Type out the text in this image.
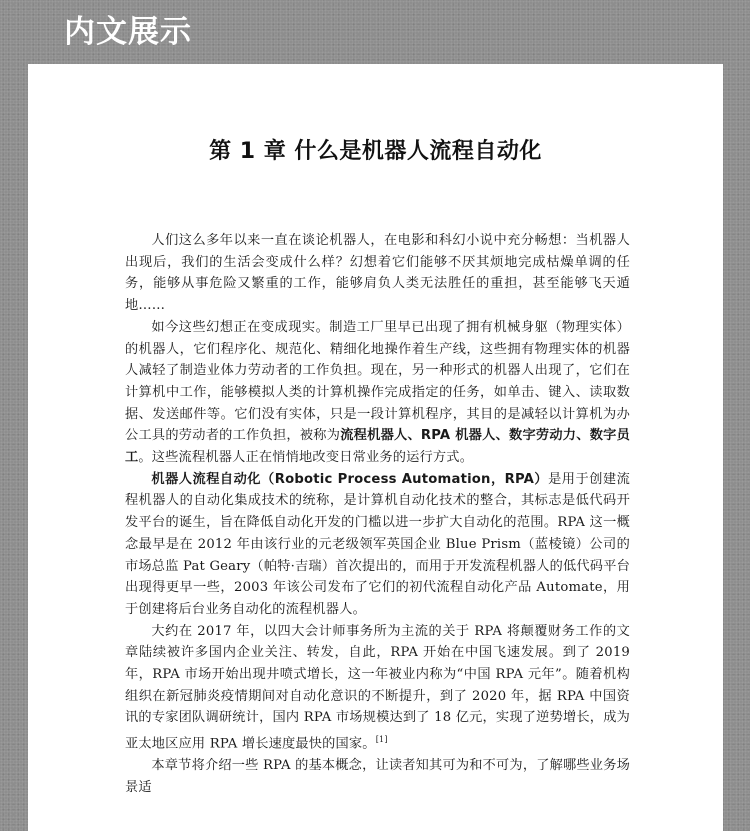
内文展示
第 1 章 什么是机器人流程自动化

人们这么多年以来一直在谈论机器人，在电影和科幻小说中充分畅想：当机器人出现后，我们的生活会变成什么样？幻想着它们能够不厌其烦地完成枯燥单调的任务，能够从事危险又繁重的工作，能够肩负人类无法胜任的重担，甚至能够飞天遁地……

如今这些幻想正在变成现实。制造工厂里早已出现了拥有机械身躯（物理实体）的机器人，它们程序化、规范化、精细化地操作着生产线，这些拥有物理实体的机器人减轻了制造业体力劳动者的工作负担。现在，另一种形式的机器人出现了，它们在计算机中工作，能够模拟人类的计算机操作完成指定的任务，如单击、键入、读取数据、发送邮件等。它们没有实体，只是一段计算机程序，其目的是减轻以计算机为办公工具的劳动者的工作负担，被称为流程机器人、RPA 机器人、数字劳动力、数字员工。这些流程机器人正在悄悄地改变日常业务的运行方式。

机器人流程自动化（Robotic Process Automation，RPA）是用于创建流程机器人的自动化集成技术的统称，是计算机自动化技术的整合，其标志是低代码开发平台的诞生，旨在降低自动化开发的门槛以进一步扩大自动化的范围。RPA 这一概念最早是在 2012 年由该行业的元老级领军英国企业 Blue Prism（蓝棱镜）公司的市场总监 Pat Geary（帕特·吉瑞）首次提出的，而用于开发流程机器人的低代码平台出现得更早一些，2003 年该公司发布了它们的初代流程自动化产品 Automate，用于创建将后台业务自动化的流程机器人。

大约在 2017 年，以四大会计师事务所为主流的关于 RPA 将颠覆财务工作的文章陆续被许多国内企业关注、转发，自此，RPA 开始在中国飞速发展。到了 2019 年，RPA 市场开始出现井喷式增长，这一年被业内称为“中国 RPA 元年”。随着机构组织在新冠肺炎疫情期间对自动化意识的不断提升，到了 2020 年，据 RPA 中国资讯的专家团队调研统计，国内 RPA 市场规模达到了 18 亿元，实现了逆势增长，成为亚太地区应用 RPA 增长速度最快的国家。[1]

本章节将介绍一些 RPA 的基本概念，让读者知其可为和不可为，了解哪些业务场景适
